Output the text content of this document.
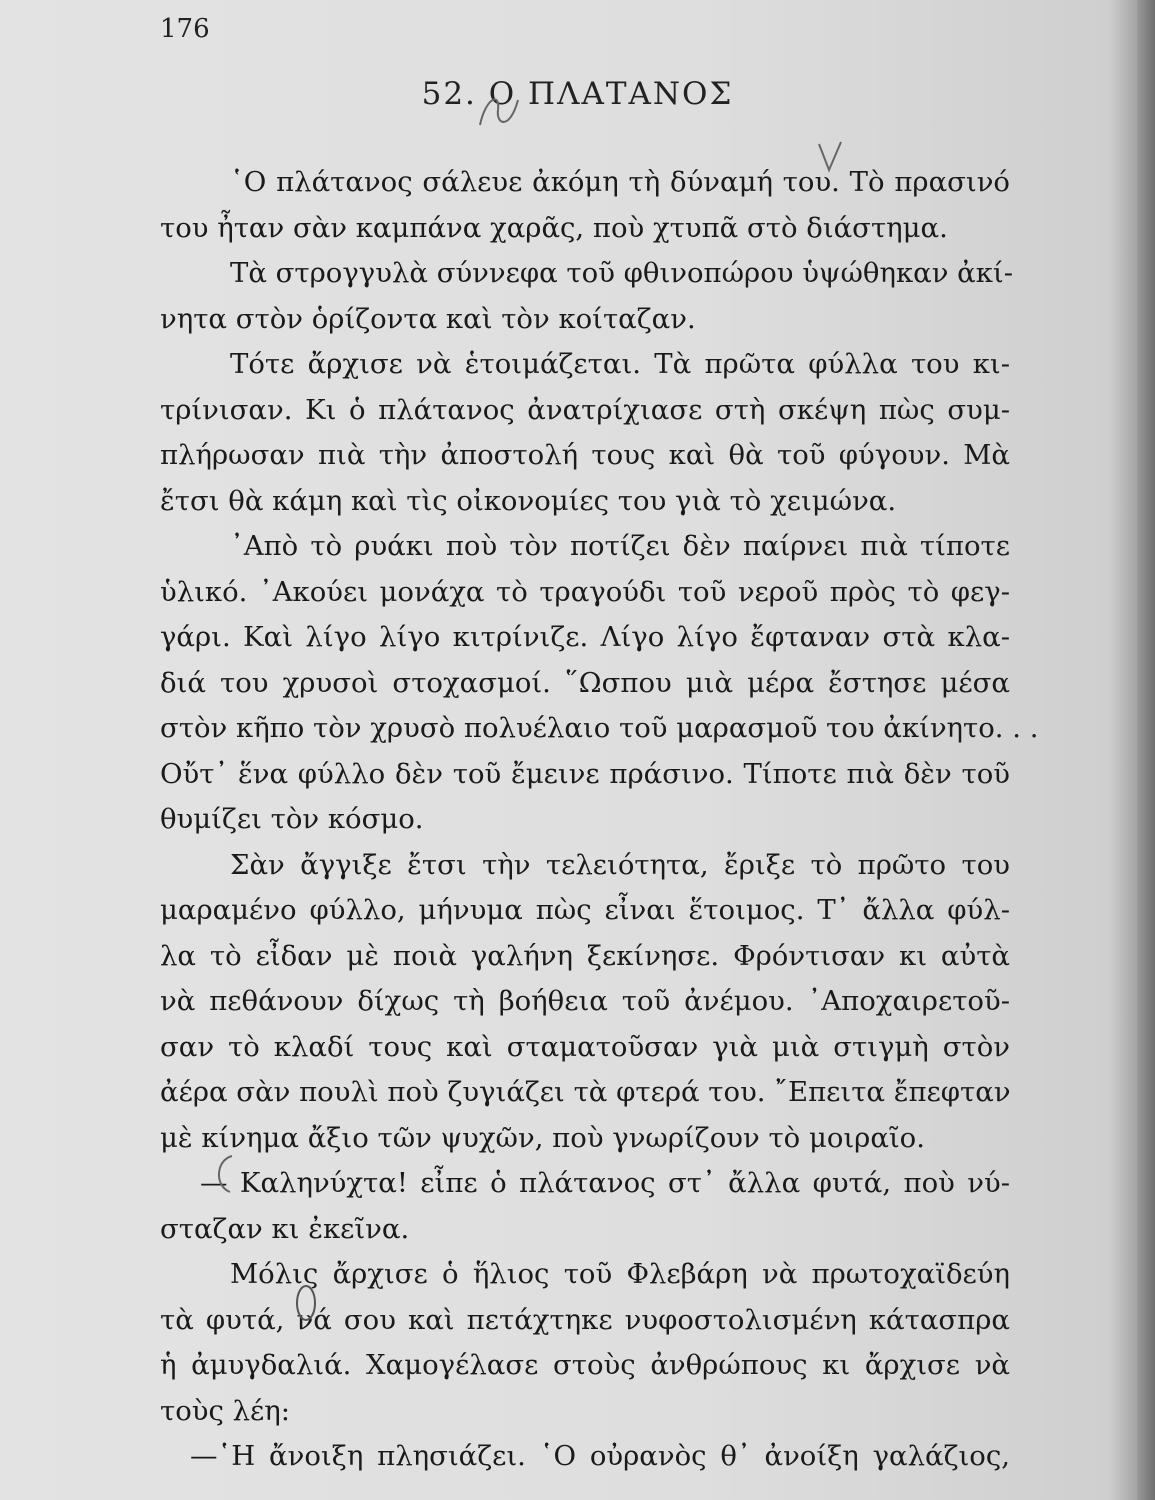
176
52. Ο ΠΛΑΤΑΝΟΣ
῾Ο πλάτανος σάλευε ἀκόμη τὴ δύναμή του. Τὸ πρασινό
του ἦταν σὰν καμπάνα χαρᾶς, ποὺ χτυπᾶ στὸ διάστημα.
Τὰ στρογγυλὰ σύννεφα τοῦ φθινοπώρου ὑψώθηκαν ἀκί-
νητα στὸν ὁρίζοντα καὶ τὸν κοίταζαν.
Τότε ἄρχισε νὰ ἑτοιμάζεται. Τὰ πρῶτα φύλλα του κι-
τρίνισαν. Κι ὁ πλάτανος ἀνατρίχιασε στὴ σκέψη πὼς συμ-
πλήρωσαν πιὰ τὴν ἀποστολή τους καὶ θὰ τοῦ φύγουν. Μὰ
ἔτσι θὰ κάμη καὶ τὶς οἰκονομίες του γιὰ τὸ χειμώνα.
᾿Απὸ τὸ ρυάκι ποὺ τὸν ποτίζει δὲν παίρνει πιὰ τίποτε
ὑλικό. ᾿Ακούει μονάχα τὸ τραγούδι τοῦ νεροῦ πρὸς τὸ φεγ-
γάρι. Καὶ λίγο λίγο κιτρίνιζε. Λίγο λίγο ἔφταναν στὰ κλα-
διά του χρυσοὶ στοχασμοί. ῞Ωσπου μιὰ μέρα ἔστησε μέσα
στὸν κῆπο τὸν χρυσὸ πολυέλαιο τοῦ μαρασμοῦ του ἀκίνητο. . .
Οὔτ᾿ ἕνα φύλλο δὲν τοῦ ἔμεινε πράσινο. Τίποτε πιὰ δὲν τοῦ
θυμίζει τὸν κόσμο.
Σὰν ἄγγιξε ἔτσι τὴν τελειότητα, ἔριξε τὸ πρῶτο του
μαραμένο φύλλο, μήνυμα πὼς εἶναι ἕτοιμος. Τ᾿ ἄλλα φύλ-
λα τὸ εἶδαν μὲ ποιὰ γαλήνη ξεκίνησε. Φρόντισαν κι αὐτὰ
νὰ πεθάνουν δίχως τὴ βοήθεια τοῦ ἀνέμου. ᾿Αποχαιρετοῦ-
σαν τὸ κλαδί τους καὶ σταματοῦσαν γιὰ μιὰ στιγμὴ στὸν
ἀέρα σὰν πουλὶ ποὺ ζυγιάζει τὰ φτερά του. ῎Επειτα ἔπεφταν
μὲ κίνημα ἄξιο τῶν ψυχῶν, ποὺ γνωρίζουν τὸ μοιραῖο.
— Καληνύχτα! εἶπε ὁ πλάτανος στ᾿ ἄλλα φυτά, ποὺ νύ-
σταζαν κι ἐκεῖνα.
Μόλις ἄρχισε ὁ ἥλιος τοῦ Φλεβάρη νὰ πρωτοχαϊδεύη
τὰ φυτά, νά σου καὶ πετάχτηκε νυφοστολισμένη κάτασπρα
ἡ ἀμυγδαλιά. Χαμογέλασε στοὺς ἀνθρώπους κι ἄρχισε νὰ
τοὺς λέη:
—῾Η ἄνοιξη πλησιάζει. ῾Ο οὐρανὸς θ᾿ ἀνοίξη γαλάζιος,
